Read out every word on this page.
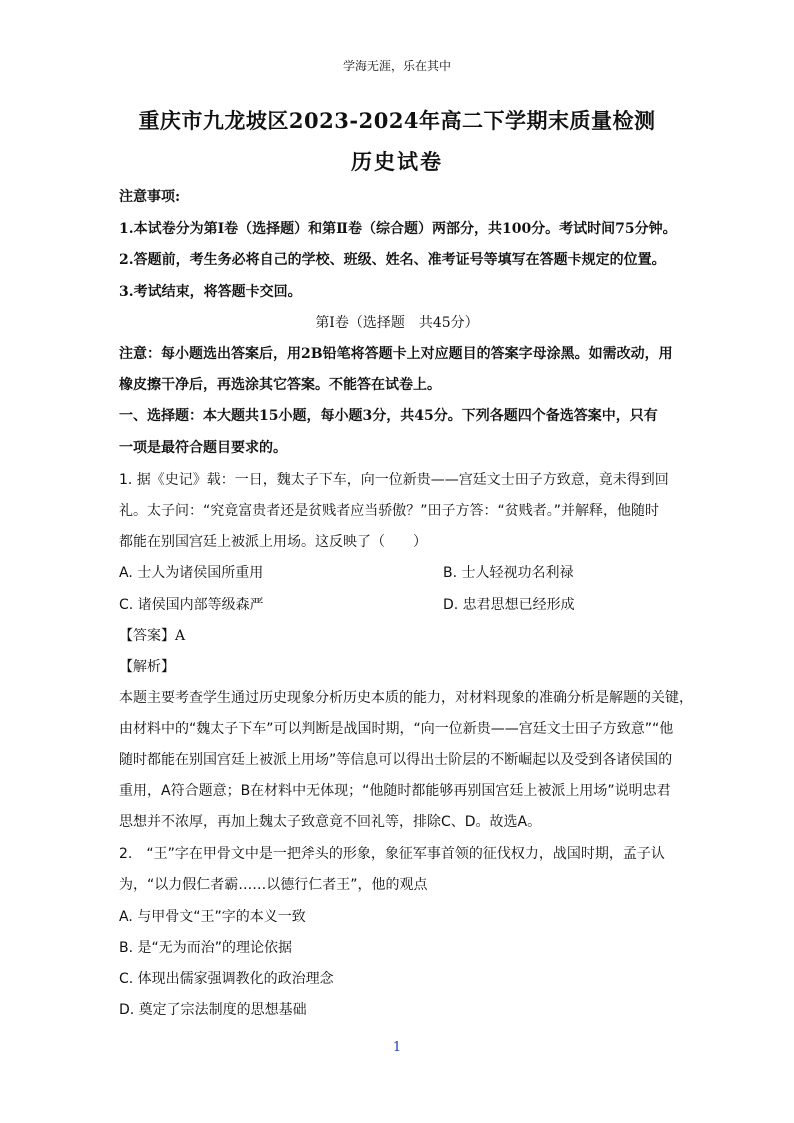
学海无涯，乐在其中
重庆市九龙坡区2023-2024年高二下学期末质量检测
历史试卷
注意事项:
1.本试卷分为第Ⅰ卷（选择题）和第Ⅱ卷（综合题）两部分，共100分。考试时间75分钟。
2.答题前，考生务必将自己的学校、班级、姓名、准考证号等填写在答题卡规定的位置。
3.考试结束，将答题卡交回。
第Ⅰ卷（选择题　共45分）
注意：每小题选出答案后，用2B铅笔将答题卡上对应题目的答案字母涂黑。如需改动，用
橡皮擦干净后，再选涂其它答案。不能答在试卷上。
一、选择题：本大题共15小题，每小题3分，共45分。下列各题四个备选答案中，只有
一项是最符合题目要求的。
1. 据《史记》载：一日，魏太子下车，向一位新贵——宫廷文士田子方致意，竟未得到回
礼。太子问：“究竟富贵者还是贫贱者应当骄傲？”田子方答：“贫贱者。”并解释，他随时
都能在别国宫廷上被派上用场。这反映了（　　）
A. 士人为诸侯国所重用	B. 士人轻视功名利禄
C. 诸侯国内部等级森严	D. 忠君思想已经形成
【答案】A
【解析】
本题主要考查学生通过历史现象分析历史本质的能力，对材料现象的准确分析是解题的关键，
由材料中的“魏太子下车”可以判断是战国时期，“向一位新贵——宫廷文士田子方致意”“他
随时都能在别国宫廷上被派上用场”等信息可以得出士阶层的不断崛起以及受到各诸侯国的
重用，A符合题意；B在材料中无体现；“他随时都能够再别国宫廷上被派上用场”说明忠君
思想并不浓厚，再加上魏太子致意竟不回礼等，排除C、D。故选A。
2.　“王”字在甲骨文中是一把斧头的形象，象征军事首领的征伐权力，战国时期，孟子认
为，“以力假仁者霸……以德行仁者王”，他的观点
A. 与甲骨文“王”字的本义一致
B. 是“无为而治”的理论依据
C. 体现出儒家强调教化的政治理念
D. 奠定了宗法制度的思想基础
1
